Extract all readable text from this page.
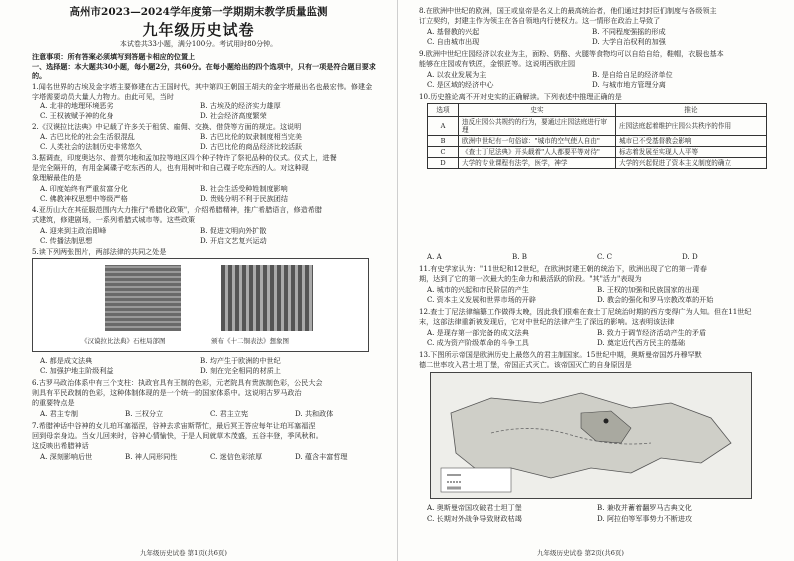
高州市2023—2024学年度第一学期期末教学质量监测
九年级历史试卷
本试卷共33小题，满分100分。考试用时80分钟。
注意事项：所有答案必须填写到答题卡相应的位置上
一、选择题：本大题共30小题，每小题2分，共60分。在每小题给出的四个选项中，只有一项是符合题目要求的。
1.闻名世界的古埃及金字塔主要修建在古王国时代，其中第四王朝国王胡夫的金字塔最出名也最宏伟。修建金字塔需要动员大量人力物力。由此可见，当时
A. 北非的地理环境恶劣	B. 古埃及的经济实力雄厚
C. 王权被赋予神的化身	D. 社会经济高度繁荣
2.《汉谟拉比法典》中记载了许多关于租赁、雇佣、交换、借贷等方面的规定。这说明
A. 古巴比伦的社会生活很混乱	B. 古巴比伦的奴隶制度相当完美
C. 人类社会的法制历史非常悠久	D. 古巴比伦的商品经济比较活跃
3.据调查，印度奥达尔、普贾尔地和孟加拉等地区四个种子特许了祭祀品种的仪式。仪式上，进餐
是完全隔开的，有用金属碟子吃东西的人，也有用树叶和自己碟子吃东西的人。对这种现
象理解最佳的是
A. 印度始终有严重贫富分化	B. 社会生活受种姓制度影响
C. 佛教神权思想中等级严格	D. 贵贱分明不利于民族团结
4.亚历山大在其征服范围内大力推行"希腊化政策"，介绍希腊精神，推广希腊语言，修造希腊
式建筑，修建剧场，一系列希腊式城市等。这些政策
A. 迎来到主政治即峰	B. 促进文明向外扩散
C. 传播法制思想	D. 开启文艺复兴运动
5.读下列两张图片，两部法律的共同之处是
《汉谟拉比法典》石柱局部图	颁布《十二铜表法》想象图
A. 都是成文法典	B. 均产生于欧洲的中世纪
C. 加强护地主阶级利益	D. 刻在完全相同的材质上
6.古罗马政治体系中有三个支柱：执政官具有王制的色彩，元老院具有贵族制色彩，公民大会
则具有平民政制的色彩，这种体制体现的是一个统一的国家体系中。这说明古罗马政治
的重要特点是
A. 君主专制	B. 三权分立	C. 君主立宪	D. 共和政体
7.希腊神话中谷神的女儿珀耳塞福涅，谷神去求宙斯帮忙，最后冥王答应每年让珀耳塞福涅
回到母亲身边。当女儿回来时，谷神心情愉快，于是人间就草木茂盛，五谷丰登，季风秋和。
这反映出希腊神话
A. 深刻影响后世	B. 神人同形同性	C. 迷信色彩浓厚	D. 蕴含丰富哲理
九年级历史试卷 第1页(共6页)
8.在欧洲中世纪的欧洲，国王或皇帝是名义上的最高统治者，他们通过封封臣们制度与各级领主
订立契约，封建主作为领主在各自领地内行使权力。这一情形在政治上导致了
A. 基督教的兴起	B. 不同程度强摇的形成
C. 自由城市出现	D. 大学自治权利的加强
9.欧洲中世纪庄园经济以农业为主，面粉、奶酪、火腿等食物均可以自给自给，鞋帽，衣服也基本
能够在庄园或有铁匠，金银匠等。这说明西欧庄园
A. 以农业发展为主	B. 是自给自足的经济单位
C. 是区域的经济中心	D. 与城市地方管理分离
10.历史推论离不开对史实的正确解读。下列表述中推理正确的是
选项	史实	推论
A	违反庄园公共规约的行为，要通过庄园法庭进行审理	庄园法庭起着维护庄园公共秩序的作用
B	欧洲中世纪有一句俗谚："城市的空气使人自由"	城市已不受基督教会影响
C	《查士丁尼法典》开头载着"人人都要平等对待"	标志着发展至实现人人平等
D	大学的专业课程有法学，医学，神学	大学的兴起促进了资本主义制度的确立
A. A	B. B	C. C	D. D
11.有史学家认为："11世纪和12世纪，在欧洲封建王朝的统治下，欧洲出现了它的第一青春
期，达到了它的第一次最大的生命力和最活跃的阶段。"其"活力"表现为
A. 城市的兴起和市民阶层的产生	B. 王权的加强和民族国家的出现
C. 资本主义发展和世界市场的开辟	D. 教会的强化和罗马宗教改革的开始
12.查士丁尼法律编纂工作做得太晚，因此我们很难在查士丁尼统治时期的西方变得广为人知。但在11世纪
末，这部法律重新被发现后，它对中世纪的法律产生了深远的影响。这表明该法律
A. 是现存第一部完备的成文法典	B. 致力于调节经济活动产生的矛盾
C. 成为资产阶级革命的斗争工具	D. 奠定近代西方民主的基础
13.下图所示帝国是欧洲历史上最悠久的君主制国家。15世纪中期，奥斯曼帝国苏丹穆罕默
德二世率攻入君士坦丁堡，帝国正式灭亡。该帝国灭亡的自身原因是
A. 奥斯曼帝国攻破君士坦丁堡	B. 兼收并蓄着翻罗马古典文化
C. 长期对外战争导致财政枯竭	D. 阿拉伯等军事势力不断进攻
九年级历史试卷 第2页(共6页)
